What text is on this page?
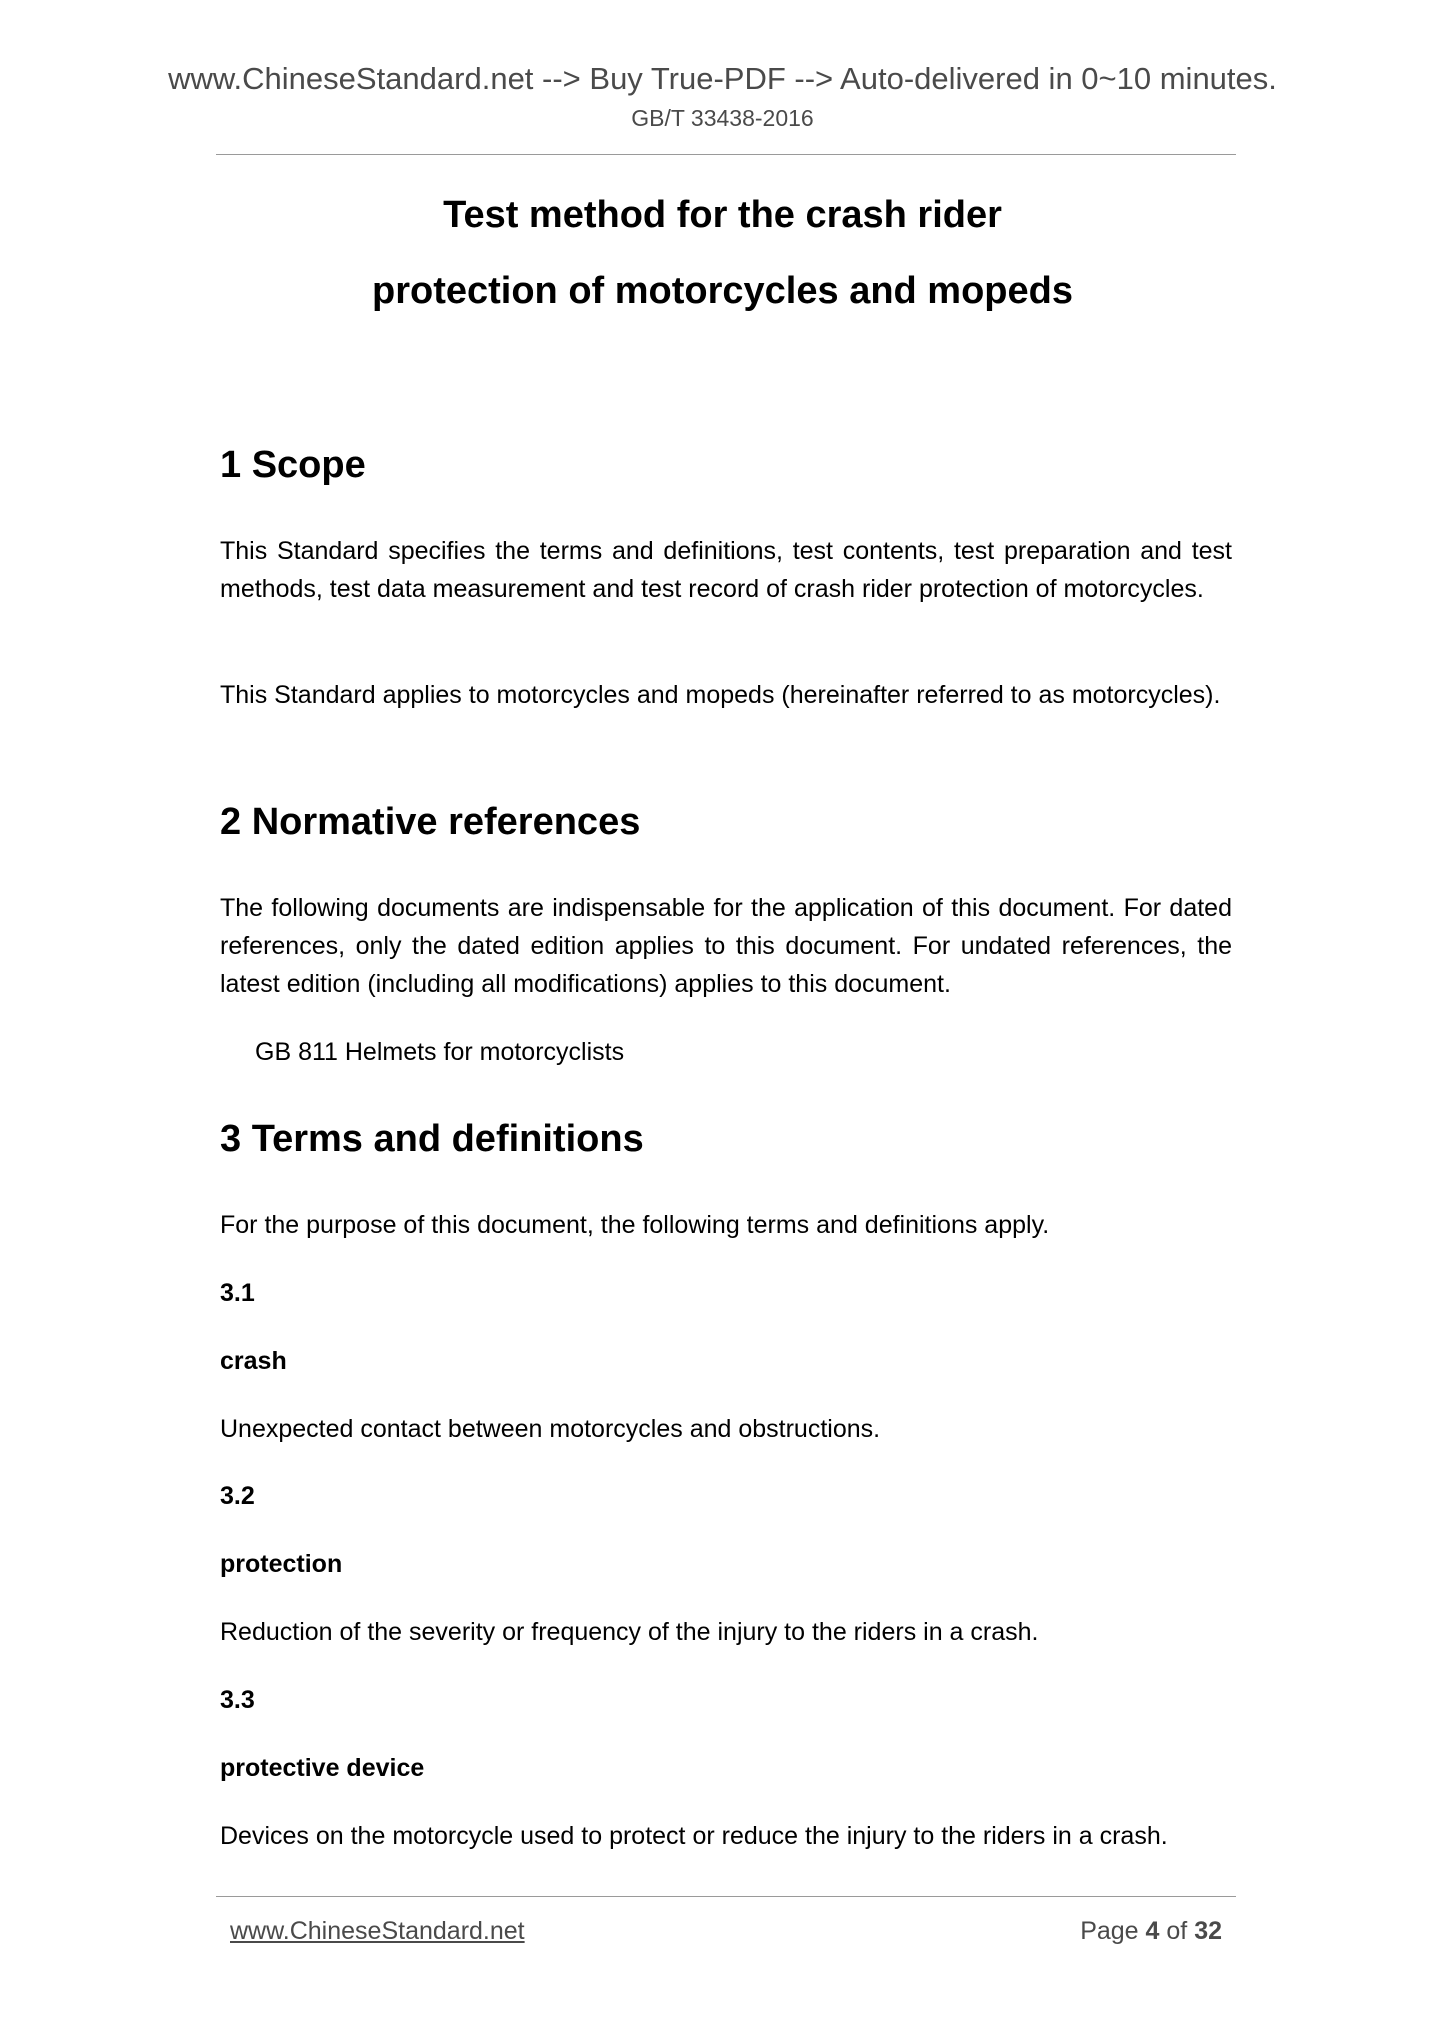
www.ChineseStandard.net --> Buy True-PDF --> Auto-delivered in 0~10 minutes.
GB/T 33438-2016
Test method for the crash rider
protection of motorcycles and mopeds
1 Scope

This Standard specifies the terms and definitions, test contents, test preparation and test methods, test data measurement and test record of crash rider protection of motorcycles.

This Standard applies to motorcycles and mopeds (hereinafter referred to as motorcycles).

2 Normative references

The following documents are indispensable for the application of this document. For dated references, only the dated edition applies to this document. For undated references, the latest edition (including all modifications) applies to this document.

GB 811 Helmets for motorcyclists

3 Terms and definitions

For the purpose of this document, the following terms and definitions apply.

3.1

crash

Unexpected contact between motorcycles and obstructions.

3.2

protection

Reduction of the severity or frequency of the injury to the riders in a crash.

3.3

protective device

Devices on the motorcycle used to protect or reduce the injury to the riders in a crash.

www.ChineseStandard.net	Page 4 of 32
